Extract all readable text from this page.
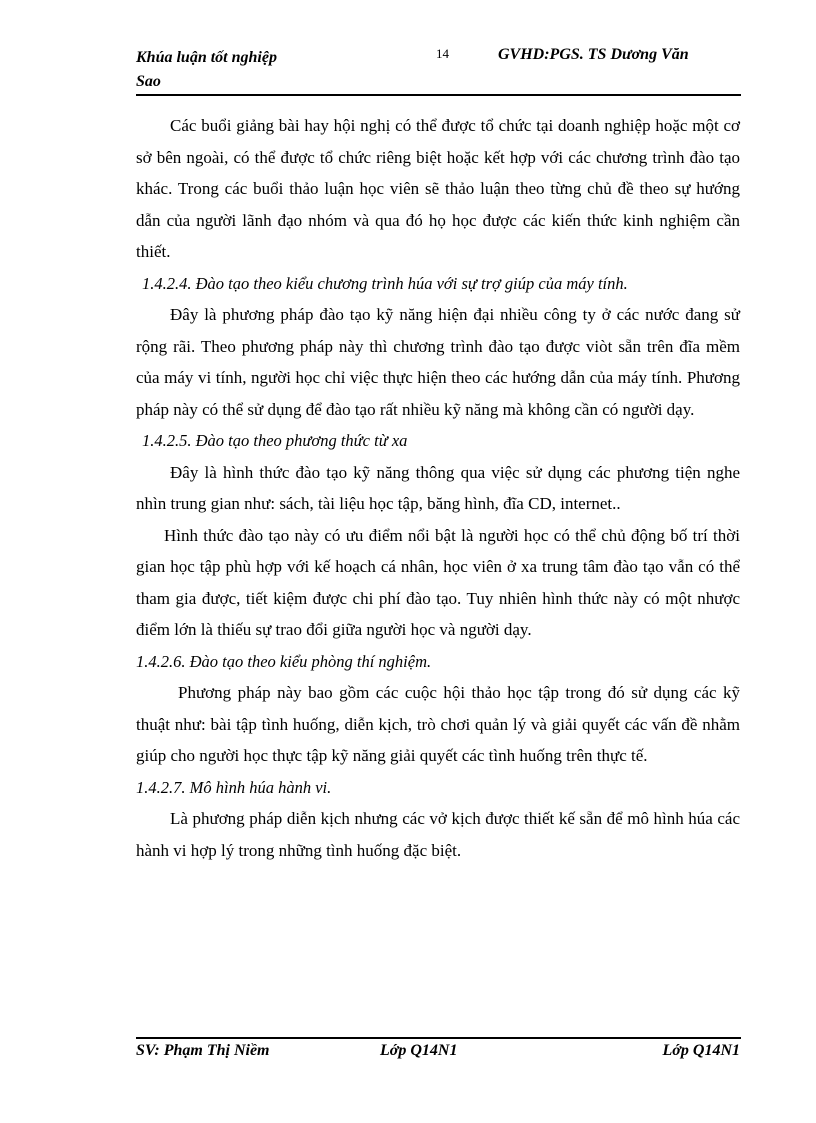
Khúa luận tốt nghiệp
Sao
14	GVHD:PGS. TS Dương Văn

Các buổi giảng bài hay hội nghị có thể được tổ chức tại doanh nghiệp hoặc một cơ sở bên ngoài, có thể được tổ chức riêng biệt hoặc kết hợp với các chương trình đào tạo khác. Trong các buổi thảo luận học viên sẽ thảo luận theo từng chủ đề theo sự hướng dẫn của người lãnh đạo nhóm và qua đó họ học được các kiến thức kinh nghiệm cần thiết.

1.4.2.4. Đào tạo theo kiểu chương trình húa với sự trợ giúp của máy tính.

Đây là phương pháp đào tạo kỹ năng hiện đại nhiều công ty ở các nước đang sử rộng rãi. Theo phương pháp này thì chương trình đào tạo được viòt sẵn trên đĩa mềm của máy vi tính, người học chỉ việc thực hiện theo các hướng dẫn của máy tính. Phương pháp này có thể sử dụng để đào tạo rất nhiều kỹ năng mà không cần có người dạy.

1.4.2.5. Đào tạo theo phương thức từ xa

Đây là hình thức đào tạo kỹ năng thông qua việc sử dụng các phương tiện nghe nhìn trung gian như: sách, tài liệu học tập, băng hình, đĩa CD, internet..

Hình thức đào tạo này có ưu điểm nổi bật là người học có thể chủ động bố trí thời gian học tập phù hợp với kế hoạch cá nhân, học viên ở xa trung tâm đào tạo vẫn có thể tham gia được, tiết kiệm được chi phí đào tạo. Tuy nhiên hình thức này có một nhược điểm lớn là thiếu sự trao đổi giữa người học và người dạy.

1.4.2.6. Đào tạo theo kiểu phòng thí nghiệm.

Phương pháp này bao gồm các cuộc hội thảo học tập trong đó sử dụng các kỹ thuật như: bài tập tình huống, diễn kịch, trò chơi quản lý và giải quyết các vấn đề nhằm giúp cho người học thực tập kỹ năng giải quyết các tình huống trên thực tế.

1.4.2.7. Mô hình húa hành vi.

Là phương pháp diễn kịch nhưng các vở kịch được thiết kế sẵn để mô hình húa các hành vi hợp lý trong những tình huống đặc biệt.

SV: Phạm Thị Niềm	Lớp Q14N1	Lớp Q14N1
